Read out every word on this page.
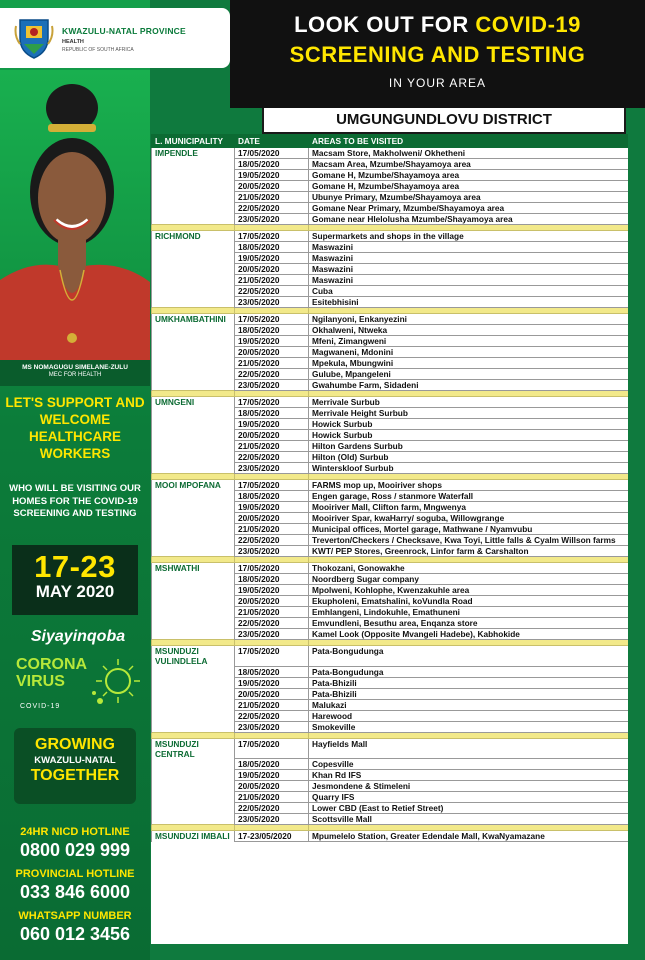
KWAZULU-NATAL PROVINCE
HEALTH
REPUBLIC OF SOUTH AFRICA
MS NOMAGUGU SIMELANE-ZULU
MEC FOR HEALTH
LET'S SUPPORT AND WELCOME HEALTHCARE WORKERS
WHO WILL BE VISITING OUR HOMES FOR THE COVID-19 SCREENING AND TESTING
17-23
MAY 2020
Siyayinqoba
CORONA
VIRUS
COVID-19
GROWING
KWAZULU-NATAL
TOGETHER
24HR NICD HOTLINE
0800 029 999
PROVINCIAL HOTLINE
033 846 6000
WHATSAPP NUMBER
060 012 3456
LOOK OUT FOR COVID-19
SCREENING AND TESTING
IN YOUR AREA
UMGUNGUNDLOVU DISTRICT
L. MUNICIPALITY	DATE	AREAS TO BE VISITED
IMPENDLE	17/05/2020	Macsam Store, Makholweni/ Okhetheni
	18/05/2020	Macsam Area, Mzumbe/Shayamoya area
	19/05/2020	Gomane H, Mzumbe/Shayamoya area
	20/05/2020	Gomane H, Mzumbe/Shayamoya area
	21/05/2020	Ubunye Primary, Mzumbe/Shayamoya area
	22/05/2020	Gomane Near Primary, Mzumbe/Shayamoya area
	23/05/2020	Gomane near Hlelolusha Mzumbe/Shayamoya area

RICHMOND	17/05/2020	Supermarkets and shops in the village
	18/05/2020	Maswazini
	19/05/2020	Maswazini
	20/05/2020	Maswazini
	21/05/2020	Maswazini
	22/05/2020	Cuba
	23/05/2020	Esitebhisini

UMKHAMBATHINI	17/05/2020	Ngilanyoni, Enkanyezini
	18/05/2020	Okhalweni, Ntweka
	19/05/2020	Mfeni, Zimangweni
	20/05/2020	Magwaneni, Mdonini
	21/05/2020	Mpekula, Mbungwini
	22/05/2020	Gulube, Mpangeleni
	23/05/2020	Gwahumbe Farm, Sidadeni

UMNGENI	17/05/2020	Merrivale Surbub
	18/05/2020	Merrivale Height Surbub
	19/05/2020	Howick Surbub
	20/05/2020	Howick Surbub
	21/05/2020	Hilton Gardens Surbub
	22/05/2020	Hilton (Old) Surbub
	23/05/2020	Winterskloof Surbub

MOOI MPOFANA	17/05/2020	FARMS mop up, Mooiriver shops
	18/05/2020	Engen garage, Ross / stanmore Waterfall
	19/05/2020	Mooiriver Mall, Clifton farm, Mngwenya
	20/05/2020	Mooiriver Spar, kwaHarry/ soguba, Willowgrange
	21/05/2020	Municipal offices, Mortel garage, Mathwane / Nyamvubu
	22/05/2020	Treverton/Checkers / Checksave, Kwa Toyi, Little falls & Cyalm Willson farms
	23/05/2020	KWT/ PEP Stores, Greenrock, Linfor farm & Carshalton

MSHWATHI	17/05/2020	Thokozani, Gonowakhe
	18/05/2020	Noordberg Sugar company
	19/05/2020	Mpolweni, Kohlophe, Kwenzakuhle area
	20/05/2020	Ekupholeni, Ematshalini, koVundla Road
	21/05/2020	Emhlangeni, Lindokuhle, Emathuneni
	22/05/2020	Emvundleni, Besuthu area, Enqanza store
	23/05/2020	Kamel Look (Opposite Mvangeli Hadebe), Kabhokide

MSUNDUZI VULINDLELA	17/05/2020	Pata-Bongudunga
	18/05/2020	Pata-Bongudunga
	19/05/2020	Pata-Bhizili
	20/05/2020	Pata-Bhizili
	21/05/2020	Malukazi
	22/05/2020	Harewood
	23/05/2020	Smokeville

MSUNDUZI CENTRAL	17/05/2020	Hayfields Mall
	18/05/2020	Copesville
	19/05/2020	Khan Rd IFS
	20/05/2020	Jesmondene & Stimeleni
	21/05/2020	Quarry IFS
	22/05/2020	Lower CBD (East to Retief Street)
	23/05/2020	Scottsville Mall

MSUNDUZI IMBALI	17-23/05/2020	Mpumelelo Station, Greater Edendale Mall, KwaNyamazane
